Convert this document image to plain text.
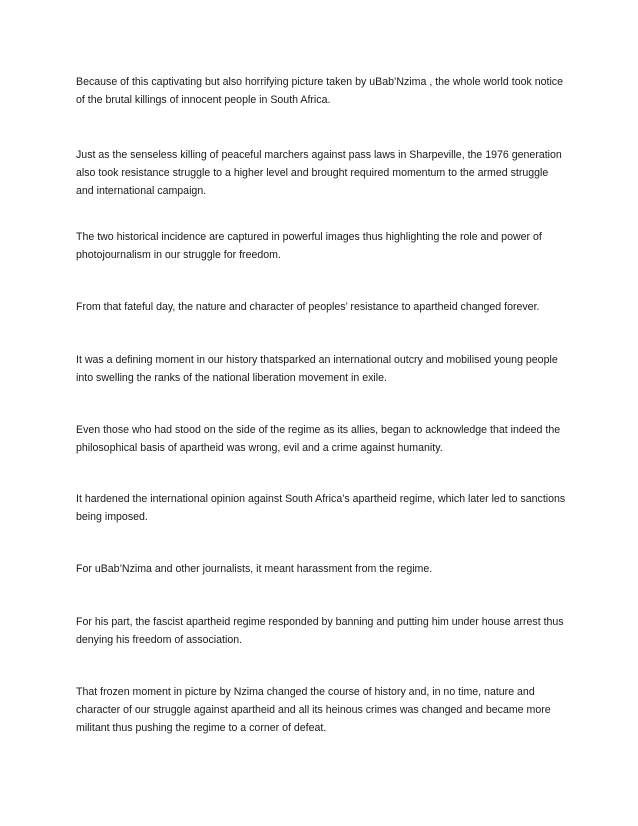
Because of this captivating but also horrifying picture taken by uBab’Nzima , the whole world took notice of the brutal killings of innocent people in South Africa.

Just as the senseless killing of peaceful marchers against pass laws in Sharpeville, the 1976 generation also took resistance struggle to a higher level and brought required momentum to the armed struggle and international campaign.

The two historical incidence are captured in powerful images thus highlighting the role and power of photojournalism in our struggle for freedom.

From that fateful day, the nature and character of peoples’ resistance to apartheid changed forever.

It was a defining moment in our history thatsparked an international outcry and mobilised young people into swelling the ranks of the national liberation movement in exile.

Even those who had stood on the side of the regime as its allies, began to acknowledge that indeed the philosophical basis of apartheid was wrong, evil and a crime against humanity.

It hardened the international opinion against South Africa’s apartheid regime, which later led to sanctions being imposed.

For uBab’Nzima and other journalists, it meant harassment from the regime.

For his part, the fascist apartheid regime responded by banning and putting him under house arrest thus denying his freedom of association.

That frozen moment in picture by Nzima changed the course of history and, in no time, nature and character of our struggle against apartheid and all its heinous crimes was changed and became more militant thus pushing the regime to a corner of defeat.
